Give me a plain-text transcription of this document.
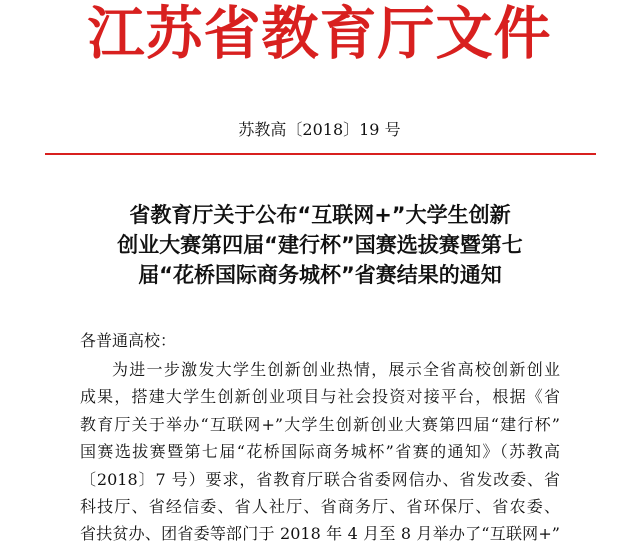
江苏省教育厅文件
苏教高〔2018〕19 号
省教育厅关于公布“互联网+”大学生创新
创业大赛第四届“建行杯”国赛选拔赛暨第七
届“花桥国际商务城杯”省赛结果的通知
各普通高校：
为进一步激发大学生创新创业热情，展示全省高校创新创业
成果，搭建大学生创新创业项目与社会投资对接平台，根据《省
教育厅关于举办“互联网+”大学生创新创业大赛第四届“建行杯”
国赛选拔赛暨第七届“花桥国际商务城杯”省赛的通知》（苏教高
〔2018〕7 号）要求，省教育厅联合省委网信办、省发改委、省
科技厅、省经信委、省人社厅、省商务厅、省环保厅、省农委、
省扶贫办、团省委等部门于 2018 年 4 月至 8 月举办了“互联网+”
